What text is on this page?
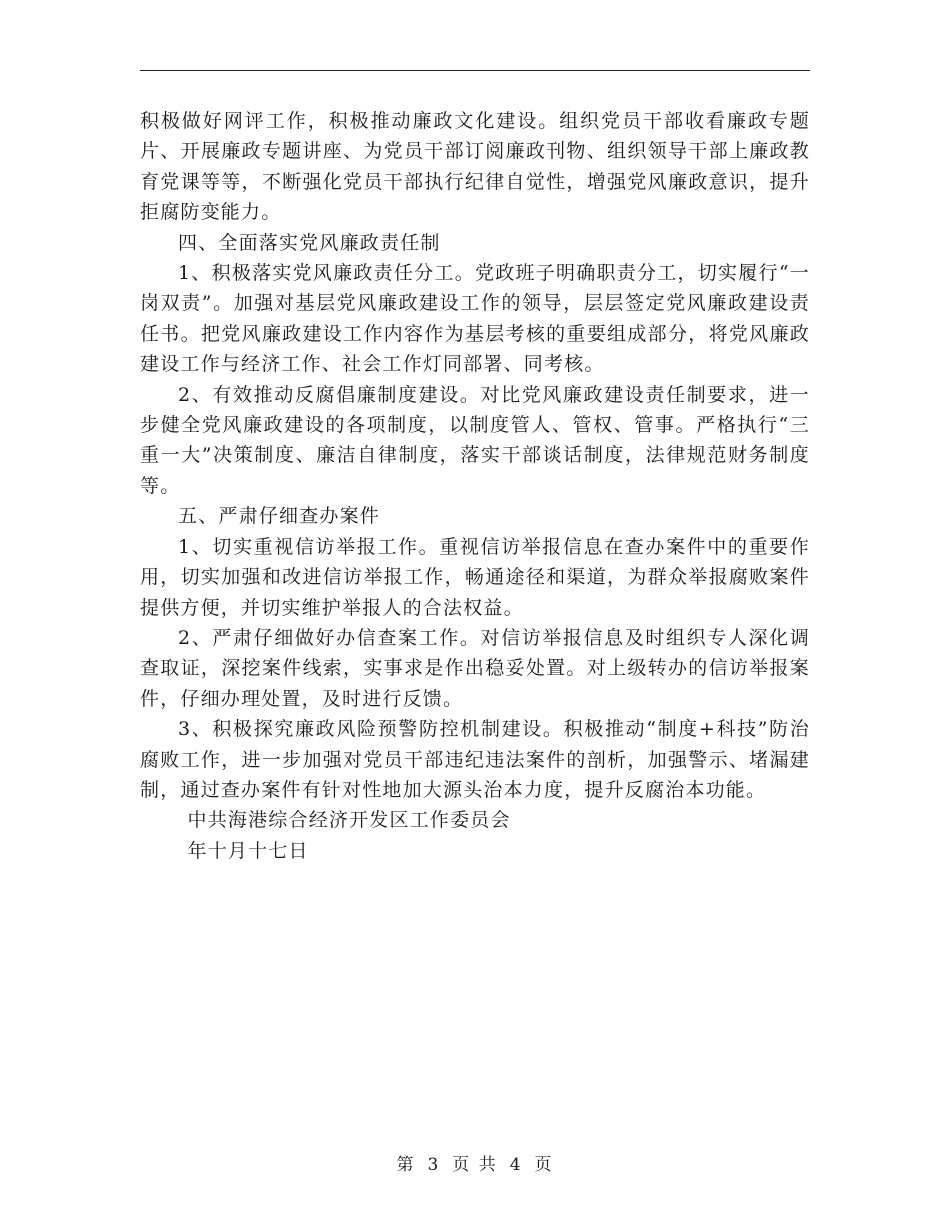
积极做好网评工作，积极推动廉政文化建设。组织党员干部收看廉政专题片、开展廉政专题讲座、为党员干部订阅廉政刊物、组织领导干部上廉政教育党课等等，不断强化党员干部执行纪律自觉性，增强党风廉政意识，提升拒腐防变能力。

四、全面落实党风廉政责任制

1、积极落实党风廉政责任分工。党政班子明确职责分工，切实履行“一岗双责”。加强对基层党风廉政建设工作的领导，层层签定党风廉政建设责任书。把党风廉政建设工作内容作为基层考核的重要组成部分，将党风廉政建设工作与经济工作、社会工作灯同部署、同考核。

2、有效推动反腐倡廉制度建设。对比党风廉政建设责任制要求，进一步健全党风廉政建设的各项制度，以制度管人、管权、管事。严格执行“三重一大”决策制度、廉洁自律制度，落实干部谈话制度，法律规范财务制度等。

五、严肃仔细查办案件

1、切实重视信访举报工作。重视信访举报信息在查办案件中的重要作用，切实加强和改进信访举报工作，畅通途径和渠道，为群众举报腐败案件提供方便，并切实维护举报人的合法权益。

2、严肃仔细做好办信查案工作。对信访举报信息及时组织专人深化调查取证，深挖案件线索，实事求是作出稳妥处置。对上级转办的信访举报案件，仔细办理处置，及时进行反馈。

3、积极探究廉政风险预警防控机制建设。积极推动“制度+科技”防治腐败工作，进一步加强对党员干部违纪违法案件的剖析，加强警示、堵漏建制，通过查办案件有针对性地加大源头治本力度，提升反腐治本功能。

中共海港综合经济开发区工作委员会

年十月十七日

第 3 页 共 4 页
